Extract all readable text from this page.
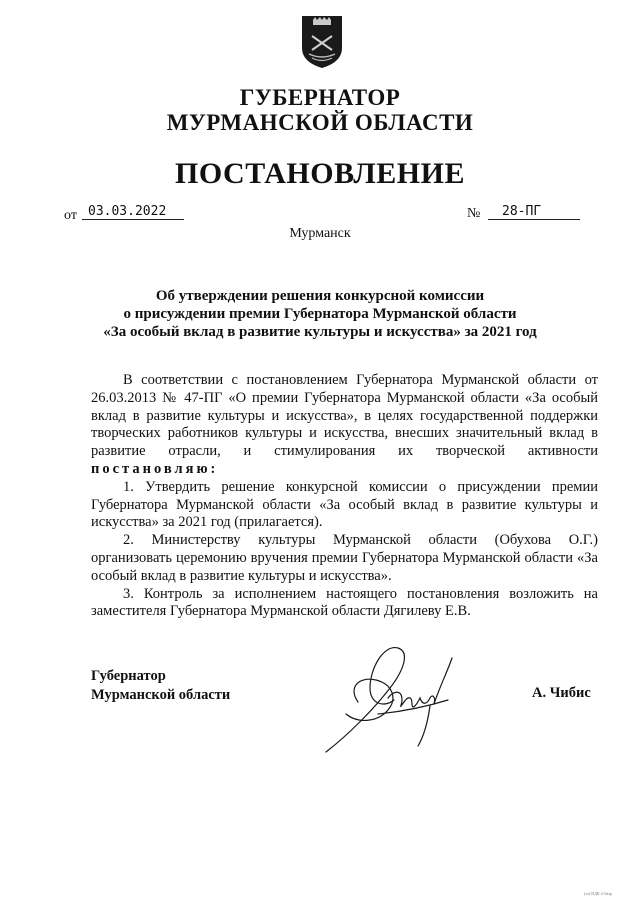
ГУБЕРНАТОР
МУРМАНСКОЙ ОБЛАСТИ
ПОСТАНОВЛЕНИЕ
от 03.03.2022	№	28-ПГ
Мурманск
Об утверждении решения конкурсной комиссии
о присуждении премии Губернатора Мурманской области
«За особый вклад в развитие культуры и искусства» за 2021 год

В соответствии с постановлением Губернатора Мурманской области от 26.03.2013 № 47-ПГ «О премии Губернатора Мурманской области «За особый вклад в развитие культуры и искусства», в целях государственной поддержки творческих работников культуры и искусства, внесших значительный вклад в развитие отрасли, и стимулирования их творческой активности постановляю:

1. Утвердить решение конкурсной комиссии о присуждении премии Губернатора Мурманской области «За особый вклад в развитие культуры и искусства» за 2021 год (прилагается).

2. Министерству культуры Мурманской области (Обухова О.Г.) организовать церемонию вручения премии Губернатора Мурманской области «За особый вклад в развитие культуры и искусства».

3. Контроль за исполнением настоящего постановления возложить на заместителя Губернатора Мурманской области Дягилеву Е.В.

Губернатор
Мурманской области	А. Чибис
(эл) НДК 4 Октр
